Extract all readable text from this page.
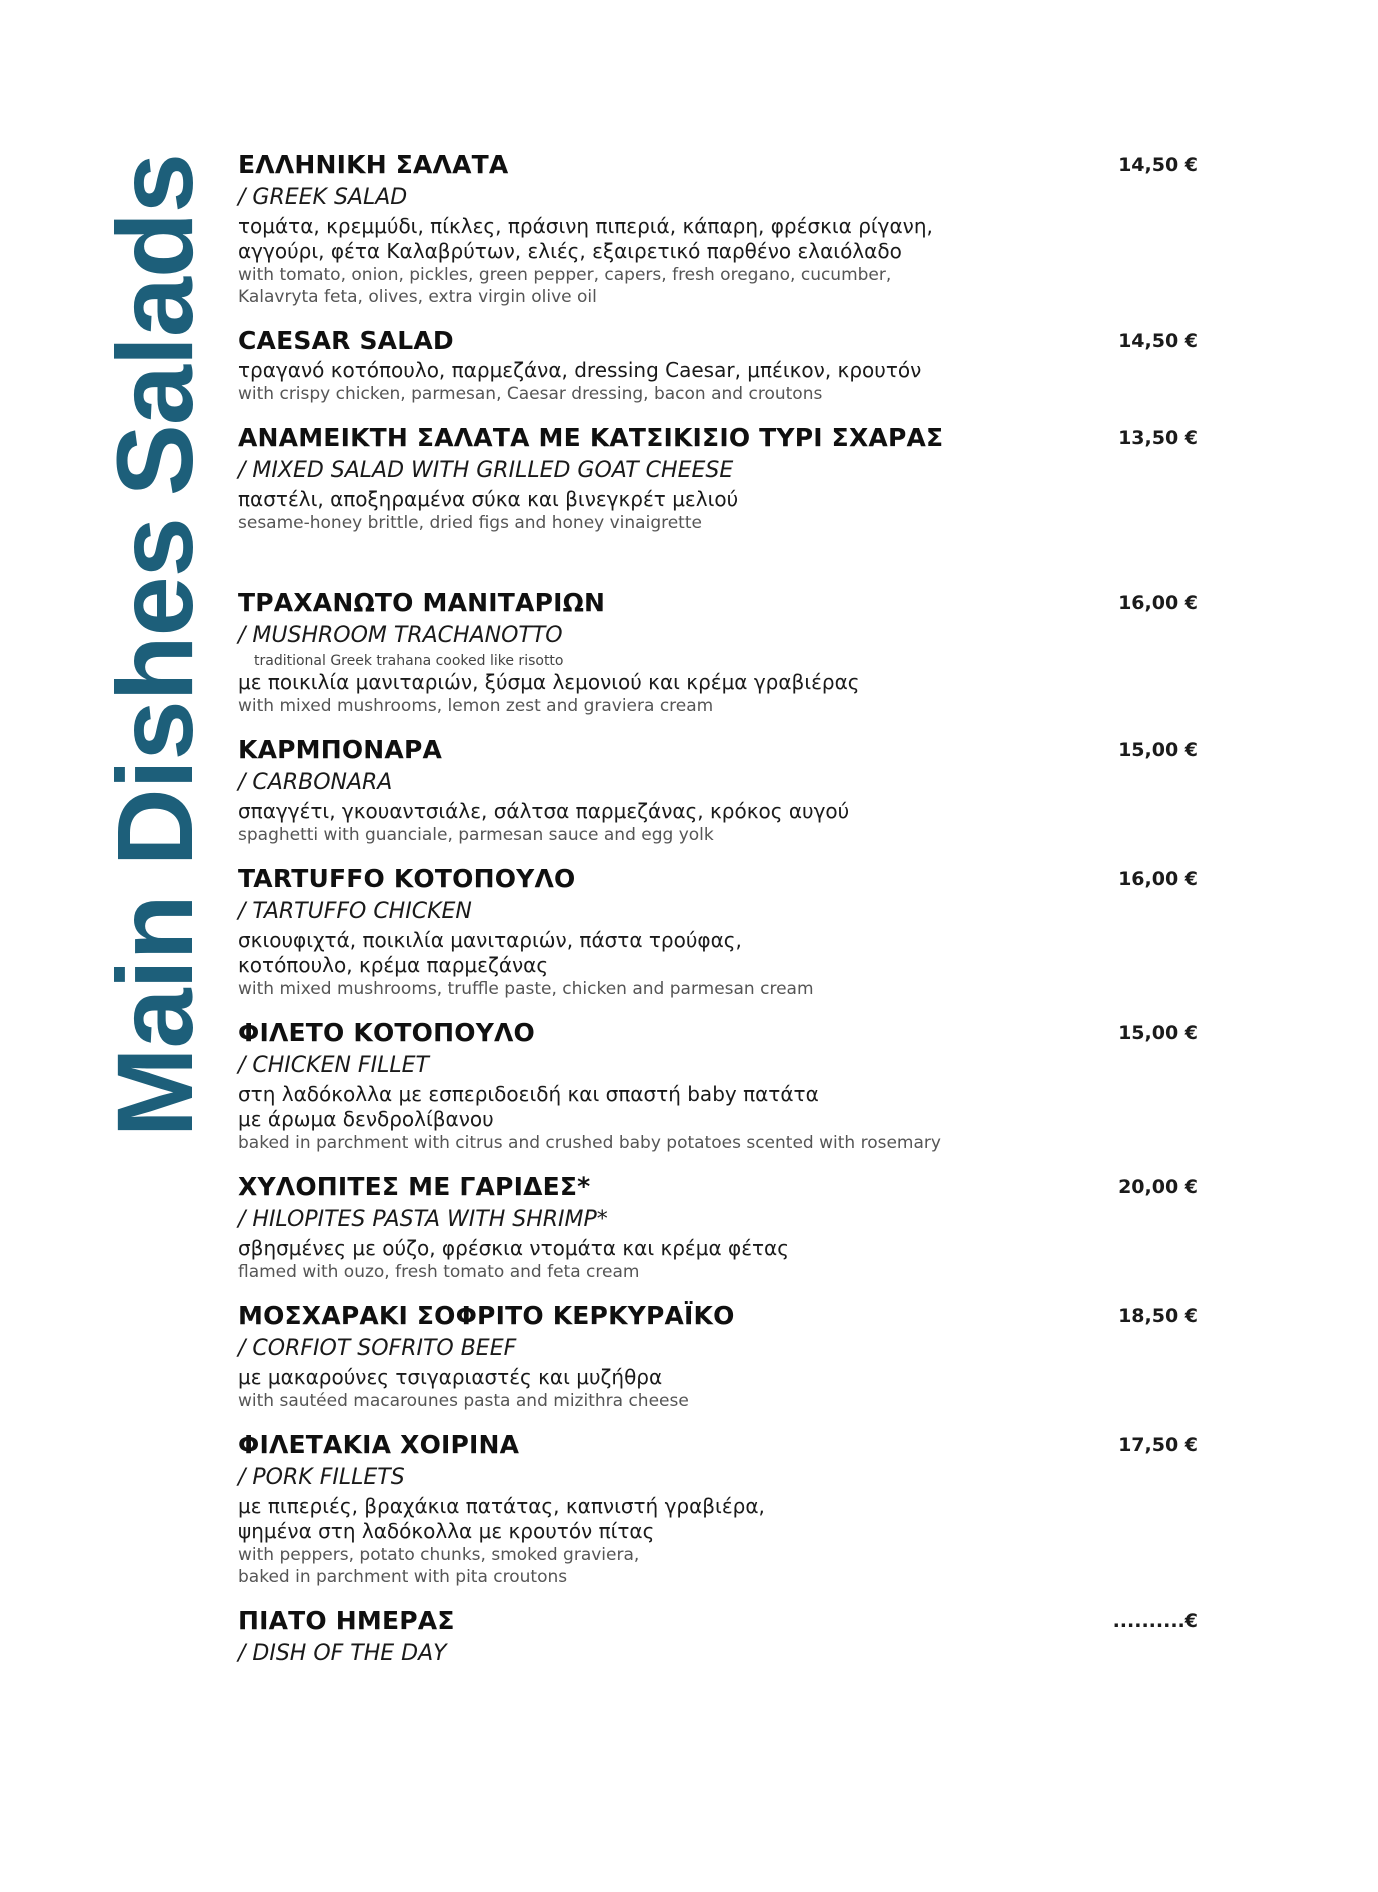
Main Dishes
Salads ΕΛΛΗΝΙΚΗ ΣΑΛΑΤΑ	14,50 €
/ GREEK SALAD
τομάτα, κρεμμύδι, πίκλες, πράσινη πιπεριά, κάπαρη, φρέσκια ρίγανη,
αγγούρι, φέτα Καλαβρύτων, ελιές, εξαιρετικό παρθένο ελαιόλαδο
with tomato, onion, pickles, green pepper, capers, fresh oregano, cucumber,
Kalavryta feta, olives, extra virgin olive oil
CAESAR SALAD	14,50 €
τραγανό κοτόπουλο, παρμεζάνα, dressing Caesar, μπέικον, κρουτόν
with crispy chicken, parmesan, Caesar dressing, bacon and croutons
ΑΝΑΜΕΙΚΤΗ ΣΑΛΑΤΑ ΜΕ ΚΑΤΣΙΚΙΣΙΟ ΤΥΡΙ ΣΧΑΡΑΣ	13,50 €
/ MIXED SALAD WITH GRILLED GOAT CHEESE
παστέλι, αποξηραμένα σύκα και βινεγκρέτ μελιού
sesame-honey brittle, dried figs and honey vinaigrette
ΤΡΑΧΑΝΩΤΟ ΜΑΝΙΤΑΡΙΩΝ	16,00 €
/ MUSHROOM TRACHANOTTO
traditional Greek trahana cooked like risotto
με ποικιλία μανιταριών, ξύσμα λεμονιού και κρέμα γραβιέρας
with mixed mushrooms, lemon zest and graviera cream
ΚΑΡΜΠΟΝΑΡΑ	15,00 €
/ CARBONARA
σπαγγέτι, γκουαντσιάλε, σάλτσα παρμεζάνας, κρόκος αυγού
spaghetti with guanciale, parmesan sauce and egg yolk
TARTUFFO ΚΟΤΟΠΟΥΛΟ	16,00 €
/ TARTUFFO CHICKEN
σκιουφιχτά, ποικιλία μανιταριών, πάστα τρούφας,
κοτόπουλο, κρέμα παρμεζάνας
with mixed mushrooms, truffle paste, chicken and parmesan cream
ΦΙΛΕΤΟ ΚΟΤΟΠΟΥΛΟ	15,00 €
/ CHICKEN FILLET
στη λαδόκολλα με εσπεριδοειδή και σπαστή baby πατάτα
με άρωμα δενδρολίβανου
baked in parchment with citrus and crushed baby potatoes scented with rosemary
ΧΥΛΟΠΙΤΕΣ ΜΕ ΓΑΡΙΔΕΣ*	20,00 €
/ HILOPITES PASTA WITH SHRIMP*
σβησμένες με ούζο, φρέσκια ντομάτα και κρέμα φέτας
flamed with ouzo, fresh tomato and feta cream
ΜΟΣΧΑΡΑΚΙ ΣΟΦΡΙΤΟ ΚΕΡΚΥΡΑΪΚΟ	18,50 €
/ CORFIOT SOFRITO BEEF
με μακαρούνες τσιγαριαστές και μυζήθρα
with sautéed macarounes pasta and mizithra cheese
ΦΙΛΕΤΑΚΙΑ ΧΟΙΡΙΝΑ	17,50 €
/ PORK FILLETS
με πιπεριές, βραχάκια πατάτας, καπνιστή γραβιέρα,
ψημένα στη λαδόκολλα με κρουτόν πίτας
with peppers, potato chunks, smoked graviera,
baked in parchment with pita croutons
ΠΙΑΤΟ ΗΜΕΡΑΣ	..........€
/ DISH OF THE DAY
